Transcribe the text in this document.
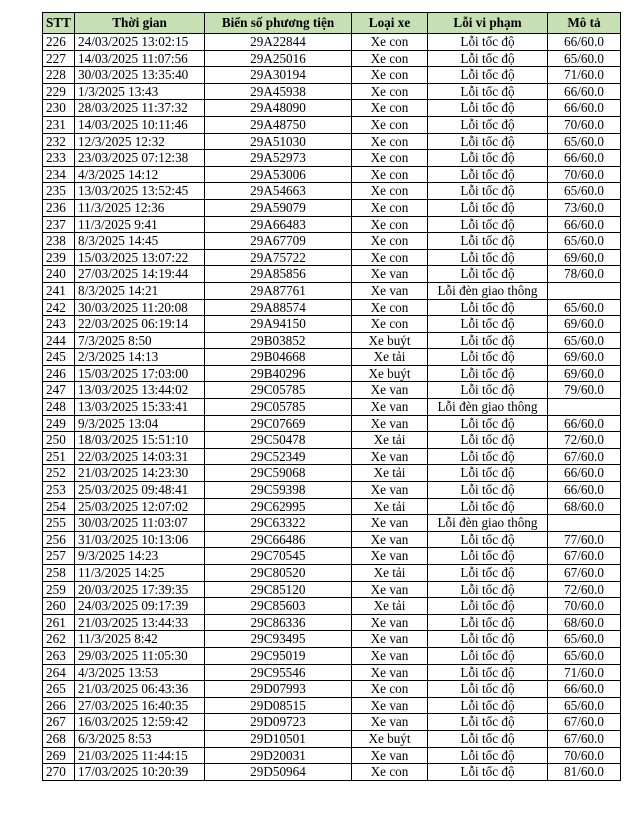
STT	Thời gian	Biển số phương tiện	Loại xe	Lỗi vi phạm	Mô tả
226	24/03/2025 13:02:15	29A22844	Xe con	Lỗi tốc độ	66/60.0
227	14/03/2025 11:07:56	29A25016	Xe con	Lỗi tốc độ	65/60.0
228	30/03/2025 13:35:40	29A30194	Xe con	Lỗi tốc độ	71/60.0
229	1/3/2025 13:43	29A45938	Xe con	Lỗi tốc độ	66/60.0
230	28/03/2025 11:37:32	29A48090	Xe con	Lỗi tốc độ	66/60.0
231	14/03/2025 10:11:46	29A48750	Xe con	Lỗi tốc độ	70/60.0
232	12/3/2025 12:32	29A51030	Xe con	Lỗi tốc độ	65/60.0
233	23/03/2025 07:12:38	29A52973	Xe con	Lỗi tốc độ	66/60.0
234	4/3/2025 14:12	29A53006	Xe con	Lỗi tốc độ	70/60.0
235	13/03/2025 13:52:45	29A54663	Xe con	Lỗi tốc độ	65/60.0
236	11/3/2025 12:36	29A59079	Xe con	Lỗi tốc độ	73/60.0
237	11/3/2025 9:41	29A66483	Xe con	Lỗi tốc độ	66/60.0
238	8/3/2025 14:45	29A67709	Xe con	Lỗi tốc độ	65/60.0
239	15/03/2025 13:07:22	29A75722	Xe con	Lỗi tốc độ	69/60.0
240	27/03/2025 14:19:44	29A85856	Xe van	Lỗi tốc độ	78/60.0
241	8/3/2025 14:21	29A87761	Xe van	Lỗi đèn giao thông	
242	30/03/2025 11:20:08	29A88574	Xe con	Lỗi tốc độ	65/60.0
243	22/03/2025 06:19:14	29A94150	Xe con	Lỗi tốc độ	69/60.0
244	7/3/2025 8:50	29B03852	Xe buýt	Lỗi tốc độ	65/60.0
245	2/3/2025 14:13	29B04668	Xe tải	Lỗi tốc độ	69/60.0
246	15/03/2025 17:03:00	29B40296	Xe buýt	Lỗi tốc độ	69/60.0
247	13/03/2025 13:44:02	29C05785	Xe van	Lỗi tốc độ	79/60.0
248	13/03/2025 15:33:41	29C05785	Xe van	Lỗi đèn giao thông	
249	9/3/2025 13:04	29C07669	Xe van	Lỗi tốc độ	66/60.0
250	18/03/2025 15:51:10	29C50478	Xe tải	Lỗi tốc độ	72/60.0
251	22/03/2025 14:03:31	29C52349	Xe van	Lỗi tốc độ	67/60.0
252	21/03/2025 14:23:30	29C59068	Xe tải	Lỗi tốc độ	66/60.0
253	25/03/2025 09:48:41	29C59398	Xe van	Lỗi tốc độ	66/60.0
254	25/03/2025 12:07:02	29C62995	Xe tải	Lỗi tốc độ	68/60.0
255	30/03/2025 11:03:07	29C63322	Xe van	Lỗi đèn giao thông	
256	31/03/2025 10:13:06	29C66486	Xe van	Lỗi tốc độ	77/60.0
257	9/3/2025 14:23	29C70545	Xe van	Lỗi tốc độ	67/60.0
258	11/3/2025 14:25	29C80520	Xe tải	Lỗi tốc độ	67/60.0
259	20/03/2025 17:39:35	29C85120	Xe van	Lỗi tốc độ	72/60.0
260	24/03/2025 09:17:39	29C85603	Xe tải	Lỗi tốc độ	70/60.0
261	21/03/2025 13:44:33	29C86336	Xe van	Lỗi tốc độ	68/60.0
262	11/3/2025 8:42	29C93495	Xe van	Lỗi tốc độ	65/60.0
263	29/03/2025 11:05:30	29C95019	Xe van	Lỗi tốc độ	65/60.0
264	4/3/2025 13:53	29C95546	Xe van	Lỗi tốc độ	71/60.0
265	21/03/2025 06:43:36	29D07993	Xe con	Lỗi tốc độ	66/60.0
266	27/03/2025 16:40:35	29D08515	Xe van	Lỗi tốc độ	65/60.0
267	16/03/2025 12:59:42	29D09723	Xe van	Lỗi tốc độ	67/60.0
268	6/3/2025 8:53	29D10501	Xe buýt	Lỗi tốc độ	67/60.0
269	21/03/2025 11:44:15	29D20031	Xe van	Lỗi tốc độ	70/60.0
270	17/03/2025 10:20:39	29D50964	Xe con	Lỗi tốc độ	81/60.0
